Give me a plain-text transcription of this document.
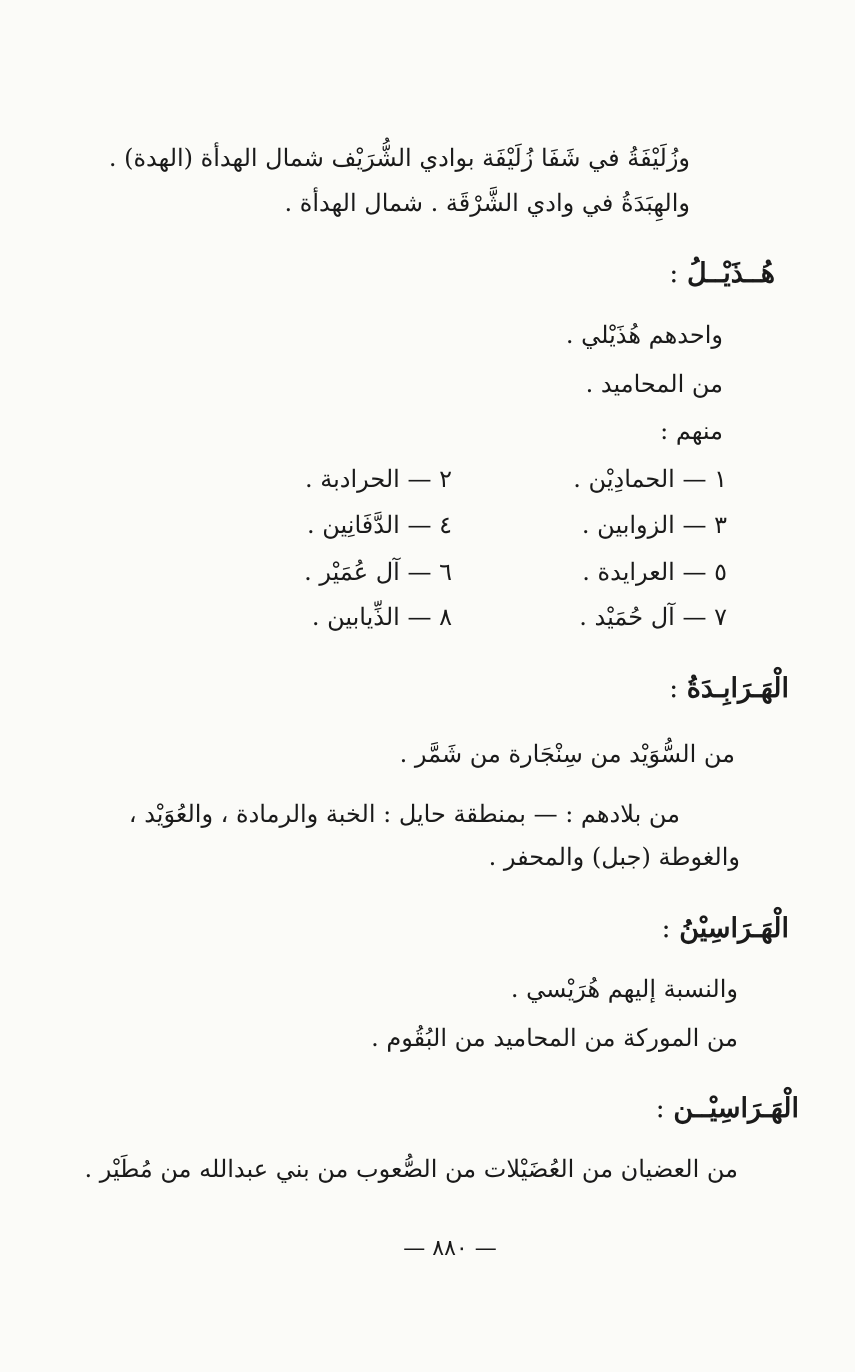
وزُلَيْفَةُ في شَفَا زُلَيْفَة بوادي الشُّرَيْف شمال الهدأة (الهدة) .
والهِبَدَةُ في وادي الشَّرْقَة . شمال الهدأة .
هُــذَيْــلُ :
واحدهم هُذَيْلي .
من المحاميد .
منهم :
١ — الحمادِيْن .
٣ — الزوابين .
٥ — العرايدة .
٧ — آل حُمَيْد .
٢ — الحرادبة .
٤ — الدَّفَانِين .
٦ — آل عُمَيْر .
٨ — الذِّيابين .
الْهَـرَابِـدَةُ :
من السُّوَيْد من سِنْجَارة من شَمَّر .
من بلادهم : — بمنطقة حايل : الخبة والرمادة ، والعُوَيْد ،
والغوطة (جبل) والمحفر .
الْهَـرَاسِيْنُ :
والنسبة إليهم هُرَيْسي .
من الموركة من المحاميد من البُقُوم .
الْهَـرَاسِيْــن :
من العضيان من العُضَيْلات من الصُّعوب من بني عبدالله من مُطَيْر .
— ٨٨٠ —
